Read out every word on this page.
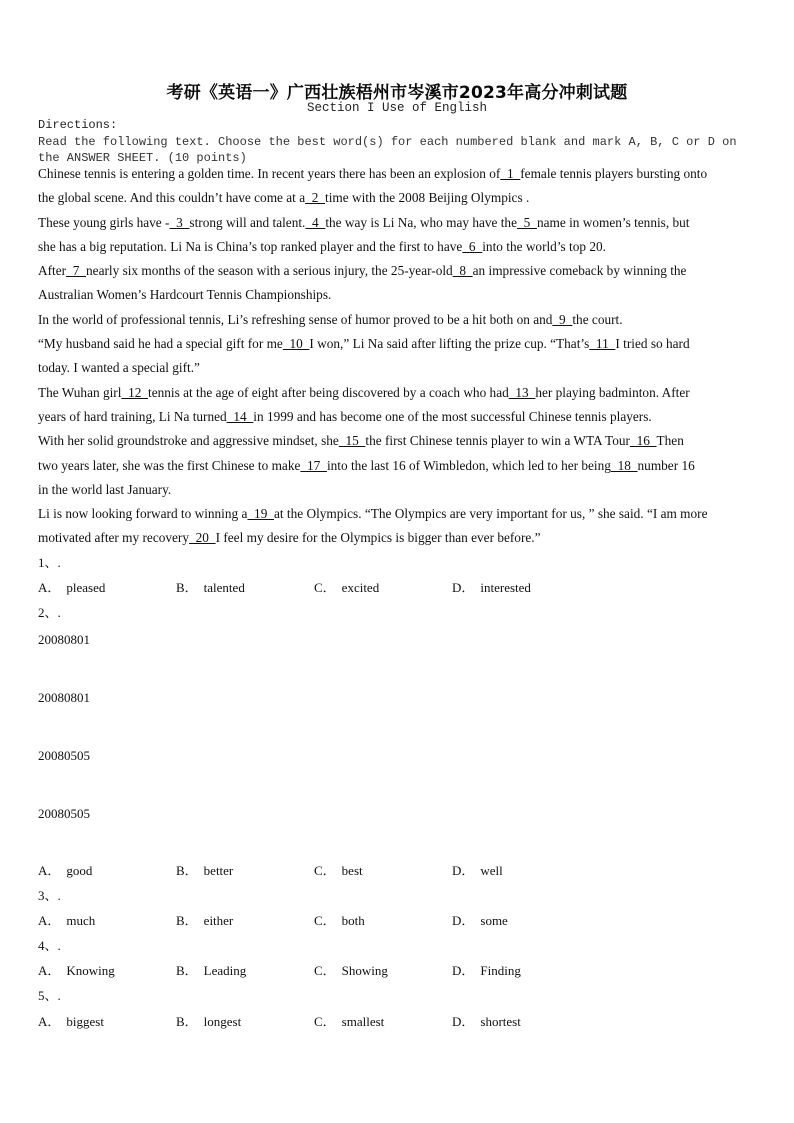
考研《英语一》广西壮族梧州市岑溪市2023年高分冲刺试题
Section I Use of English
Directions:
Read the following text. Choose the best word(s) for each numbered blank and mark A, B, C or D on the ANSWER SHEET. (10 points)

Chinese tennis is entering a golden time. In recent years there has been an explosion of  1  female tennis players bursting onto

the global scene. And this couldn’t have come at a  2  time with the 2008 Beijing Olympics .

These young girls have -  3  strong will and talent.  4  the way is Li Na, who may have the  5  name in women’s tennis, but

she has a big reputation. Li Na is China’s top ranked player and the first to have  6  into the world’s top 20.

After  7  nearly six months of the season with a serious injury, the 25-year-old  8  an impressive comeback by winning the

Australian Women’s Hardcourt Tennis Championships.

In the world of professional tennis, Li’s refreshing sense of humor proved to be a hit both on and  9  the court.

“My husband said he had a special gift for me  10  I won,” Li Na said after lifting the prize cup. “That’s  11  I tried so hard

today. I wanted a special gift.”

The Wuhan girl  12  tennis at the age of eight after being discovered by a coach who had  13  her playing badminton. After

years of hard training, Li Na turned  14  in 1999 and has become one of the most successful Chinese tennis players.

With her solid groundstroke and aggressive mindset, she  15  the first Chinese tennis player to win a WTA Tour  16  Then

two years later, she was the first Chinese to make  17  into the last 16 of Wimbledon, which led to her being  18  number 16

in the world last January.

Li is now looking forward to winning a  19  at the Olympics. “The Olympics are very important for us, ” she said. “I am more

motivated after my recovery  20  I feel my desire for the Olympics is bigger than ever before.”

1、.
A． pleased	B． talented	C． excited	D． interested
2、.
20080801
20080801
20080505
20080505
A． good	B． better	C． best	D． well
3、.
A． much	B． either	C． both	D． some
4、.
A． Knowing	B． Leading	C． Showing	D． Finding
5、.
A． biggest	B． longest	C． smallest	D． shortest
